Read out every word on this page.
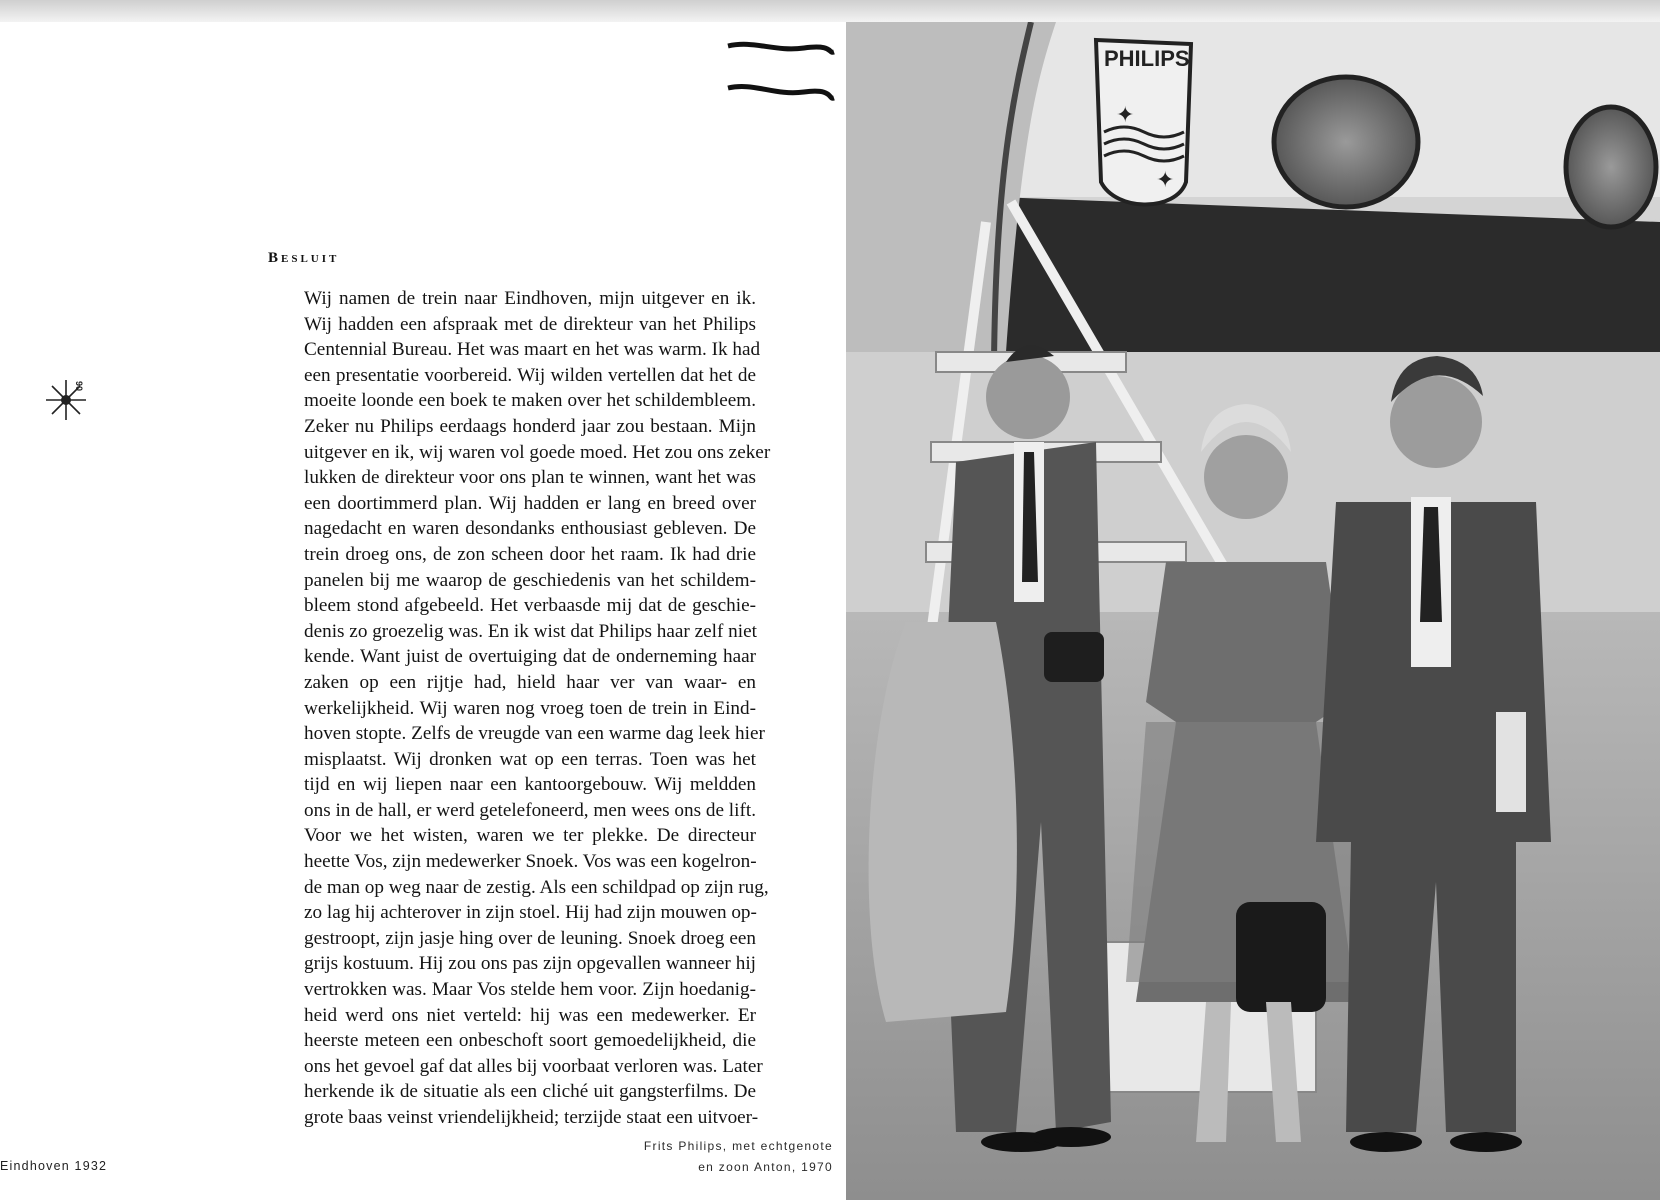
Besluit
Wij namen de trein naar Eindhoven, mijn uitgever en ik.
Wij hadden een afspraak met de direkteur van het Philips
Centennial Bureau. Het was maart en het was warm. Ik had
een presentatie voorbereid. Wij wilden vertellen dat het de
moeite loonde een boek te maken over het schildembleem.
Zeker nu Philips eerdaags honderd jaar zou bestaan. Mijn
uitgever en ik, wij waren vol goede moed. Het zou ons zeker
lukken de direkteur voor ons plan te winnen, want het was
een doortimmerd plan. Wij hadden er lang en breed over
nagedacht en waren desondanks enthousiast gebleven. De
trein droeg ons, de zon scheen door het raam. Ik had drie
panelen bij me waarop de geschiedenis van het schildem-
bleem stond afgebeeld. Het verbaasde mij dat de geschie-
denis zo groezelig was. En ik wist dat Philips haar zelf niet
kende. Want juist de overtuiging dat de onderneming haar
zaken op een rijtje had, hield haar ver van waar- en
werkelijkheid. Wij waren nog vroeg toen de trein in Eind-
hoven stopte. Zelfs de vreugde van een warme dag leek hier
misplaatst. Wij dronken wat op een terras. Toen was het
tijd en wij liepen naar een kantoorgebouw. Wij meldden
ons in de hall, er werd getelefoneerd, men wees ons de lift.
Voor we het wisten, waren we ter plekke. De directeur
heette Vos, zijn medewerker Snoek. Vos was een kogelron-
de man op weg naar de zestig. Als een schildpad op zijn rug,
zo lag hij achterover in zijn stoel. Hij had zijn mouwen op-
gestroopt, zijn jasje hing over de leuning. Snoek droeg een
grijs kostuum. Hij zou ons pas zijn opgevallen wanneer hij
vertrokken was. Maar Vos stelde hem voor. Zijn hoedanig-
heid werd ons niet verteld: hij was een medewerker. Er
heerste meteen een onbeschoft soort gemoedelijkheid, die
ons het gevoel gaf dat alles bij voorbaat verloren was. Later
herkende ik de situatie als een cliché uit gangsterfilms. De
grote baas veinst vriendelijkheid; terzijde staat een uitvoer-
90
Eindhoven 1932
Frits Philips, met echtgenote
en zoon Anton, 1970
PHILIPS
✦
✦
